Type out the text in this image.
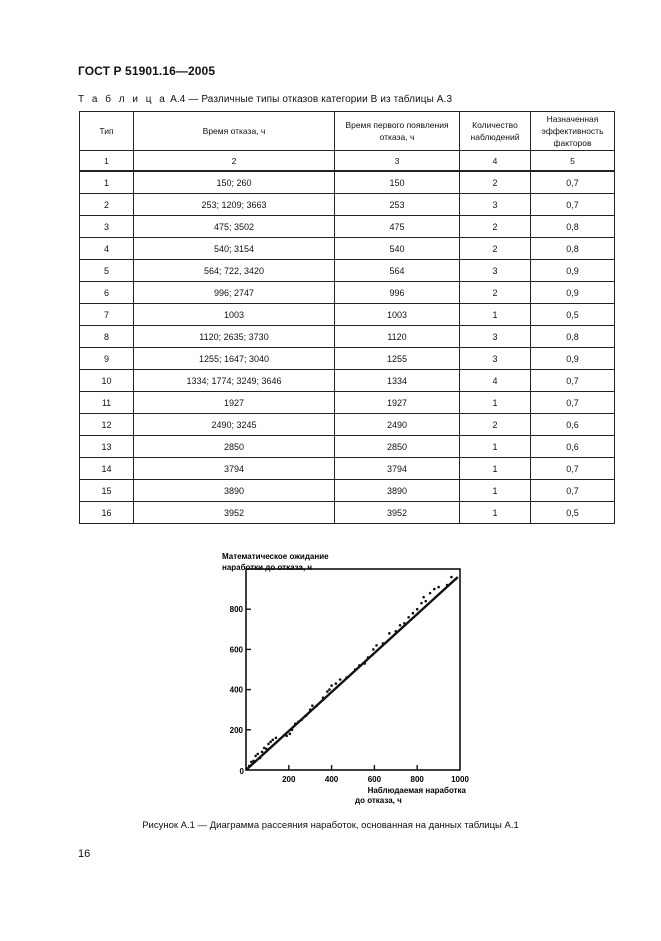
ГОСТ Р 51901.16—2005
Т а б л и ц а А.4 — Различные типы отказов категории В из таблицы А.3
Тип	Время отказа, ч	Время первого появления отказа, ч	Количество наблюдений	Назначенная эффективность факторов
1	2	3	4	5
1	150; 260	150	2	0,7
2	253; 1209; 3663	253	3	0,7
3	475; 3502	475	2	0,8
4	540; 3154	540	2	0,8
5	564; 722, 3420	564	3	0,9
6	996; 2747	996	2	0,9
7	1003	1003	1	0,5
8	1120; 2635; 3730	1120	3	0,8
9	1255; 1647; 3040	1255	3	0,9
10	1334; 1774; 3249; 3646	1334	4	0,7
11	1927	1927	1	0,7
12	2490; 3245	2490	2	0,6
13	2850	2850	1	0,6
14	3794	3794	1	0,7
15	3890	3890	1	0,7
16	3952	3952	1	0,5
200
400
600
800
0
200	400	600	800	1000
Математическое ожидание
наработки до отказа, ч
Наблюдаемая наработка
до отказа, ч
Рисунок А.1 — Диаграмма рассеяния наработок, основанная на данных таблицы А.1
16
